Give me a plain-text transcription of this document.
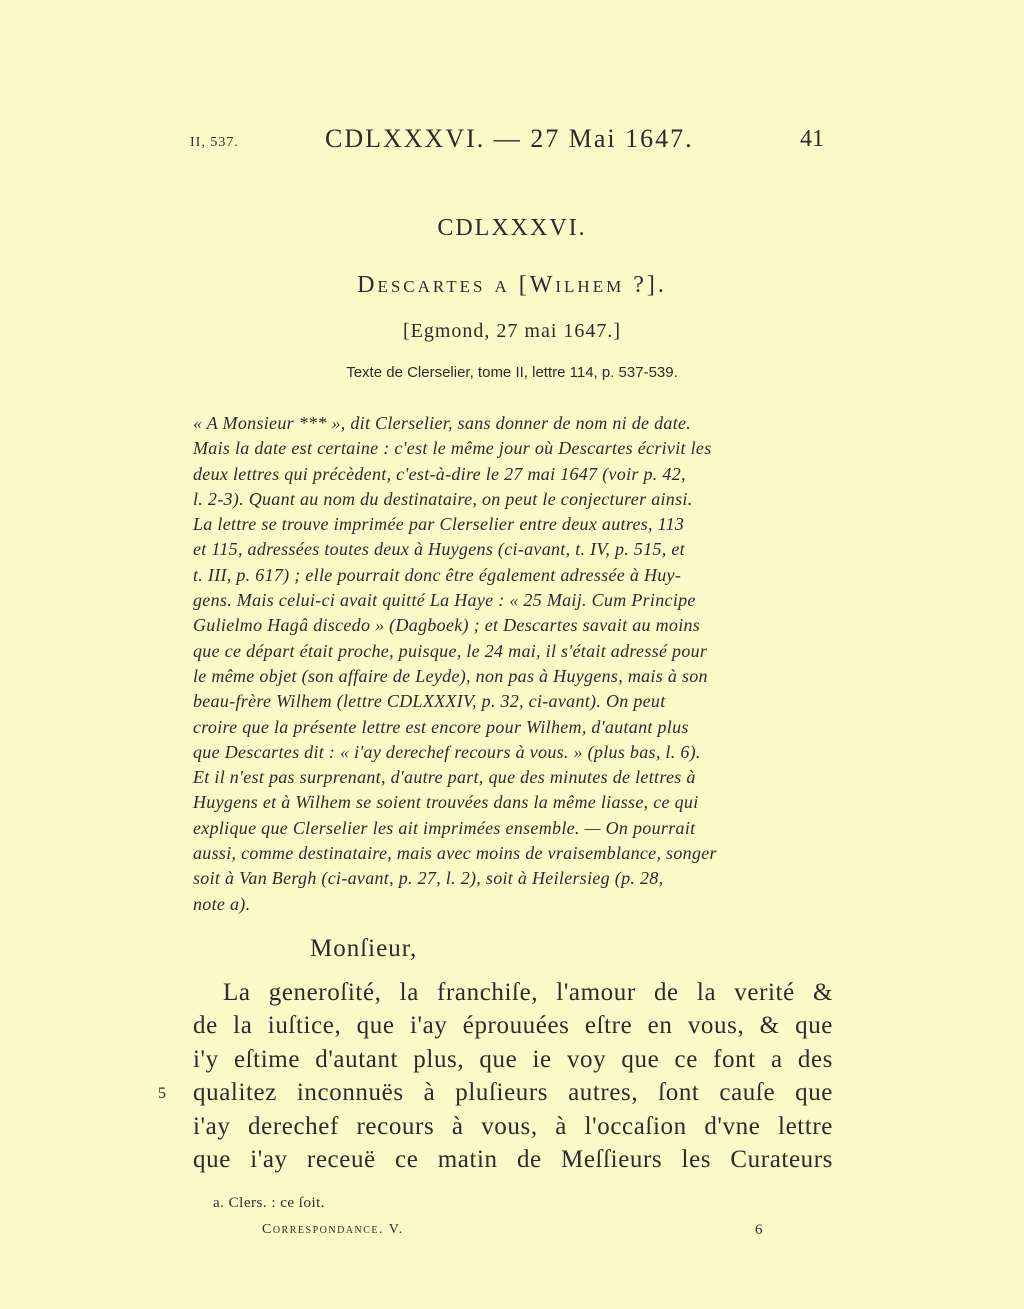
II, 537.	CDLXXXVI. — 27 Mai 1647.	41
CDLXXXVI.
Descartes a [Wilhem ?].
[Egmond, 27 mai 1647.]
Texte de Clerselier, tome II, lettre 114, p. 537-539.
« A Monsieur *** », dit Clerselier, sans donner de nom ni de date.
Mais la date est certaine : c'est le même jour où Descartes écrivit les
deux lettres qui précèdent, c'est-à-dire le 27 mai 1647 (voir p. 42,
l. 2-3). Quant au nom du destinataire, on peut le conjecturer ainsi.
La lettre se trouve imprimée par Clerselier entre deux autres, 113
et 115, adressées toutes deux à Huygens (ci-avant, t. IV, p. 515, et
t. III, p. 617) ; elle pourrait donc être également adressée à Huy-
gens. Mais celui-ci avait quitté La Haye : « 25 Maij. Cum Principe
Gulielmo Hagâ discedo » (Dagboek) ; et Descartes savait au moins
que ce départ était proche, puisque, le 24 mai, il s'était adressé pour
le même objet (son affaire de Leyde), non pas à Huygens, mais à son
beau-frère Wilhem (lettre CDLXXXIV, p. 32, ci-avant). On peut
croire que la présente lettre est encore pour Wilhem, d'autant plus
que Descartes dit : « i'ay derechef recours à vous. » (plus bas, l. 6).
Et il n'est pas surprenant, d'autre part, que des minutes de lettres à
Huygens et à Wilhem se soient trouvées dans la même liasse, ce qui
explique que Clerselier les ait imprimées ensemble. — On pourrait
aussi, comme destinataire, mais avec moins de vraisemblance, songer
soit à Van Bergh (ci-avant, p. 27, l. 2), soit à Heilersieg (p. 28,
note a).
Monſieur,
La generoſité, la franchiſe, l'amour de la verité &
de la iuſtice, que i'ay éprouuées eſtre en vous, & que
i'y eſtime d'autant plus, que ie voy que ce font a des
qualitez inconnuës à pluſieurs autres, ſont cauſe que
i'ay derechef recours à vous, à l'occaſion d'vne lettre
que i'ay receuë ce matin de Meſſieurs les Curateurs
5
a. Clers. : ce ſoit.
Correspondance. V.	6
